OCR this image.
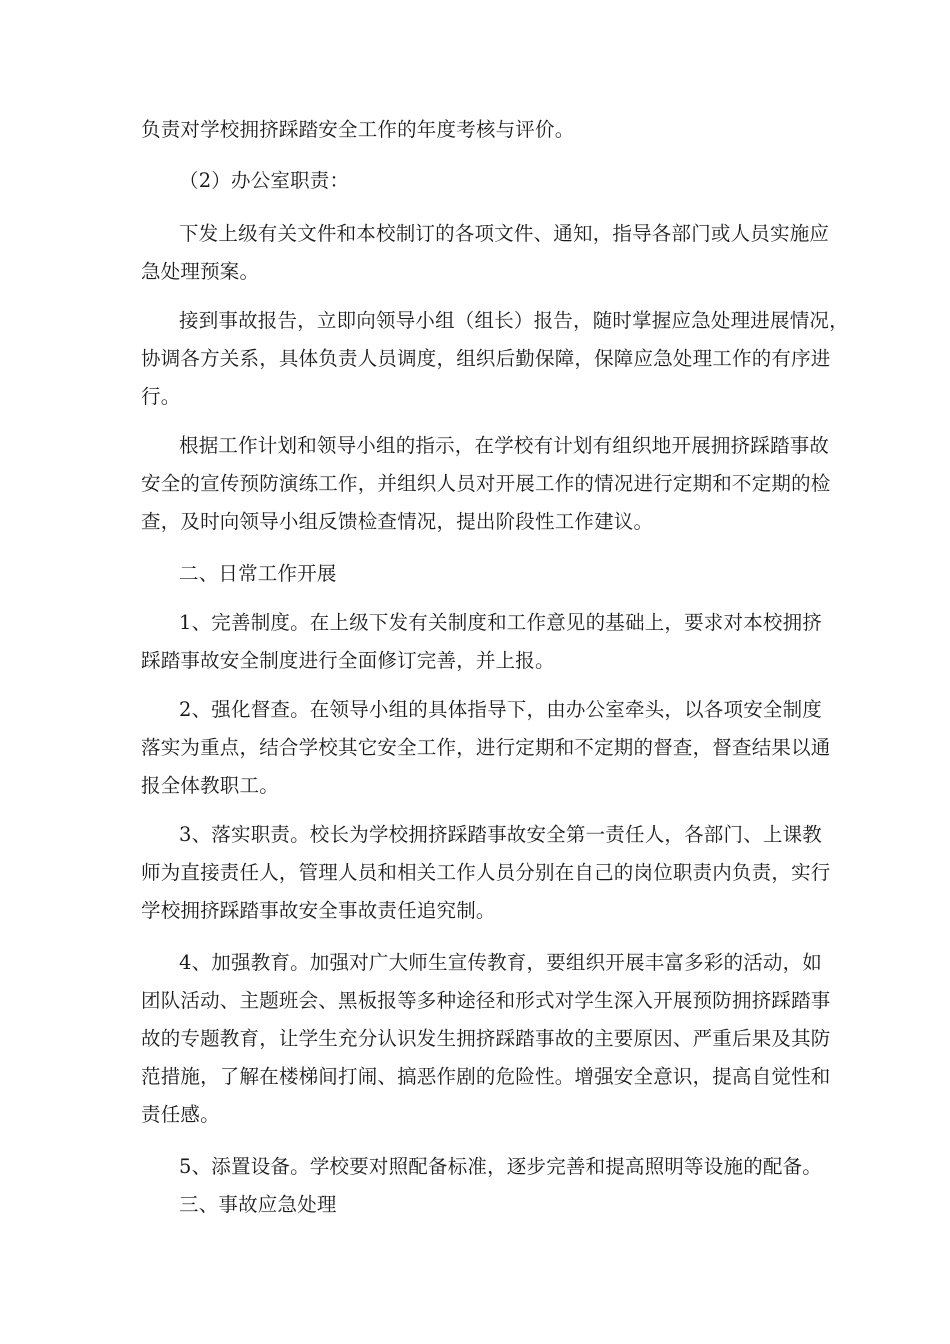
负责对学校拥挤踩踏安全工作的年度考核与评价。
（2）办公室职责：
下发上级有关文件和本校制订的各项文件、通知，指导各部门或人员实施应
急处理预案。
接到事故报告，立即向领导小组（组长）报告，随时掌握应急处理进展情况，
协调各方关系，具体负责人员调度，组织后勤保障，保障应急处理工作的有序进
行。
根据工作计划和领导小组的指示，在学校有计划有组织地开展拥挤踩踏事故
安全的宣传预防演练工作，并组织人员对开展工作的情况进行定期和不定期的检
查，及时向领导小组反馈检查情况，提出阶段性工作建议。
二、日常工作开展
1、完善制度。在上级下发有关制度和工作意见的基础上，要求对本校拥挤
踩踏事故安全制度进行全面修订完善，并上报。
2、强化督查。在领导小组的具体指导下，由办公室牵头，以各项安全制度
落实为重点，结合学校其它安全工作，进行定期和不定期的督查，督查结果以通
报全体教职工。
3、落实职责。校长为学校拥挤踩踏事故安全第一责任人，各部门、上课教
师为直接责任人，管理人员和相关工作人员分别在自己的岗位职责内负责，实行
学校拥挤踩踏事故安全事故责任追究制。
4、加强教育。加强对广大师生宣传教育，要组织开展丰富多彩的活动，如
团队活动、主题班会、黑板报等多种途径和形式对学生深入开展预防拥挤踩踏事
故的专题教育，让学生充分认识发生拥挤踩踏事故的主要原因、严重后果及其防
范措施，了解在楼梯间打闹、搞恶作剧的危险性。增强安全意识，提高自觉性和
责任感。
5、添置设备。学校要对照配备标准，逐步完善和提高照明等设施的配备。
三、事故应急处理
